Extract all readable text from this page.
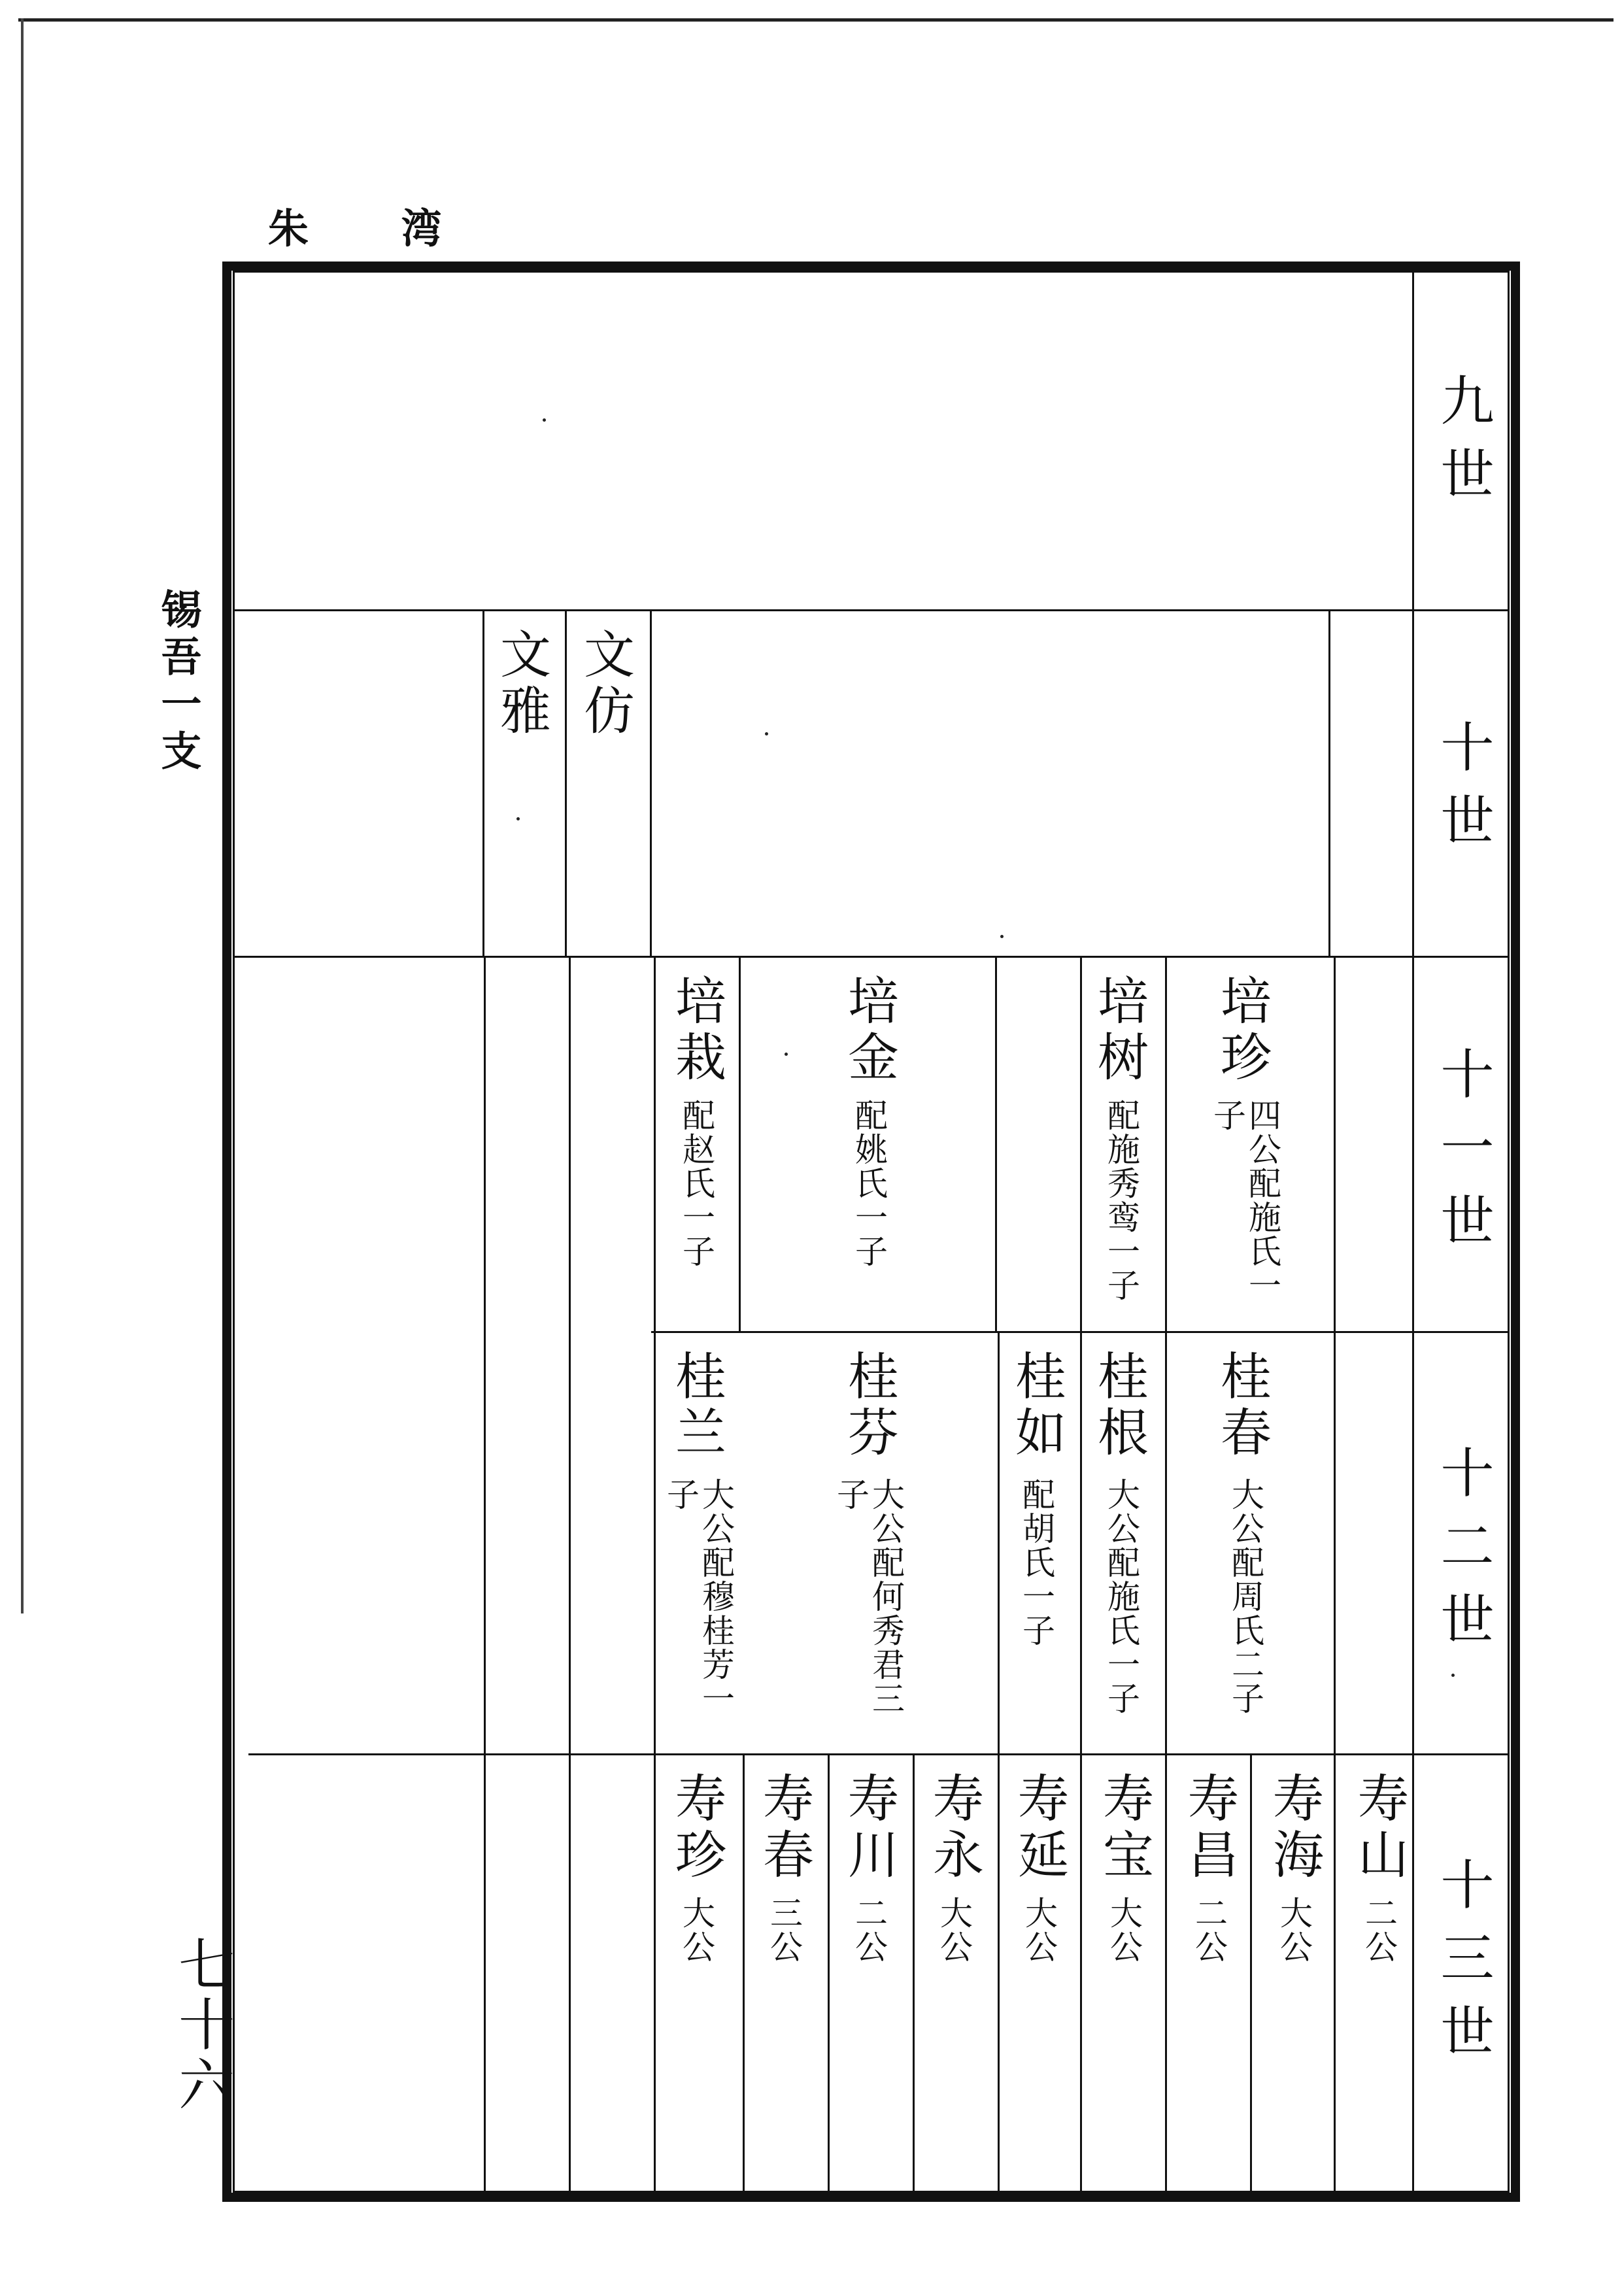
朱 湾
锡吾一支
七十六
九世
十世
十一世
十二世
十三世
文仿
文雅
培珍
四公配施氏一
子
培树
配施秀鸾一子
培金
配姚氏一子
培栽
配赵氏一子
桂春
大公配周氏二子
桂根
大公配施氏一子
桂如
配胡氏一子
桂芬
大公配何秀君三
子
桂兰
大公配穆桂芳一
子
寿山
二公
寿海
大公
寿昌
二公
寿宝
大公
寿延
大公
寿永
大公
寿川
二公
寿春
三公
寿珍
大公
